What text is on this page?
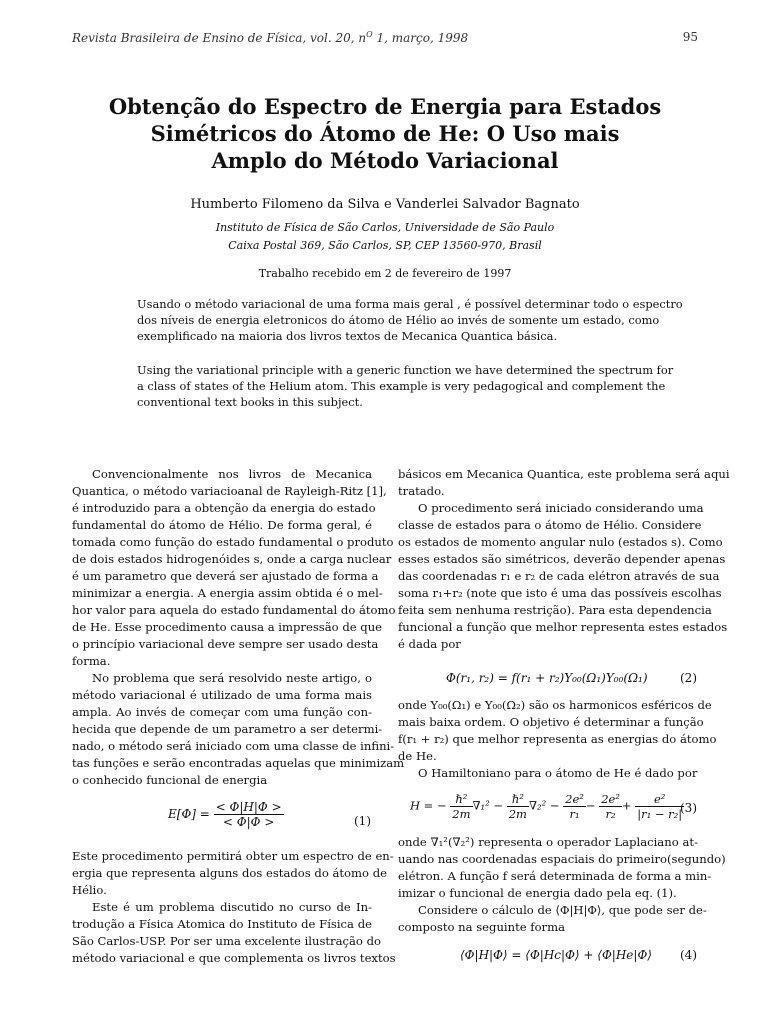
Revista Brasileira de Ensino de Física, vol. 20, $n^O$ 1, março, 1998	95
Obtenção do Espectro de Energia para Estados
Simétricos do Átomo de He: O Uso mais
Amplo do Método Variacional
Humberto Filomeno da Silva e Vanderlei Salvador Bagnato
Instituto de Física de São Carlos, Universidade de São Paulo
Caixa Postal 369, São Carlos, SP, CEP 13560-970, Brasil
Trabalho recebido em 2 de fevereiro de 1997
Usando o método variacional de uma forma mais geral , é possível determinar todo o espectro
dos níveis de energia eletronicos do átomo de Hélio ao invés de somente um estado, como
exemplificado na maioria dos livros textos de Mecanica Quantica básica.
Using the variational principle with a generic function we have determined the spectrum for
a class of states of the Helium atom. This example is very pedagogical and complement the
conventional text books in this subject.
Convencionalmente nos livros de Mecanica
Quantica, o método variacioanal de Rayleigh-Ritz [1],
é introduzido para a obtenção da energia do estado
fundamental do átomo de Hélio. De forma geral, é
tomada como função do estado fundamental o produto
de dois estados hidrogenóides s, onde a carga nuclear
é um parametro que deverá ser ajustado de forma a
minimizar a energia. A energia assim obtida é o mel-
hor valor para aquela do estado fundamental do átomo
de He. Esse procedimento causa a impressão de que
o princípio variacional deve sempre ser usado desta
forma.
No problema que será resolvido neste artigo, o
método variacional é utilizado de uma forma mais
ampla. Ao invés de começar com uma função con-
hecida que depende de um parametro a ser determi-
nado, o método será iniciado com uma classe de infini-
tas funções e serão encontradas aquelas que minimizam
o conhecido funcional de energia
$E[\Phi] = \frac{< \Phi|H|\Phi >}{< \Phi|\Phi >}$	(1)
Este procedimento permitirá obter um espectro de en-
ergia que representa alguns dos estados do átomo de
Hélio.
Este é um problema discutido no curso de In-
trodução a Física Atomica do Instituto de Física de
São Carlos-USP. Por ser uma excelente ilustração do
método variacional e que complementa os livros textos
básicos em Mecanica Quantica, este problema será aqui
tratado.
O procedimento será iniciado considerando uma
classe de estados para o átomo de Hélio. Considere
os estados de momento angular nulo (estados s). Como
esses estados são simétricos, deverão depender apenas
das coordenadas r₁ e r₂ de cada elétron através de sua
soma r₁+r₂ (note que isto é uma das possíveis escolhas
feita sem nenhuma restrição). Para esta dependencia
funcional a função que melhor representa estes estados
é dada por
Φ(r₁, r₂) = f(r₁ + r₂)Y₀₀(Ω₁)Y₀₀(Ω₁)	(2)
onde Y₀₀(Ω₁) e Y₀₀(Ω₂) são os harmonicos esféricos de
mais baixa ordem. O objetivo é determinar a função
f(r₁ + r₂) que melhor representa as energias do átomo
de He.
O Hamiltoniano para o átomo de He é dado por
H = − $\frac{\text{ℏ²}}{2m} \nabla_1^2 - \frac{\text{ℏ²}}{2m} \nabla_2^2 - \frac{\text{2e²}}{\text{r₁}} - \frac{\text{2e²}}{\text{r₂}} + \frac{\text{e²}}{\text{|r₁ − r₂|}}$
(3)
onde ∇₁²(∇₂²) representa o operador Laplaciano at-
uando nas coordenadas espaciais do primeiro(segundo)
elétron. A função f será determinada de forma a min-
imizar o funcional de energia dado pela eq. (1).
Considere o cálculo de ⟨Φ|H|Φ⟩, que pode ser de-
composto na seguinte forma
⟨Φ|H|Φ⟩ = ⟨Φ|Hc|Φ⟩ + ⟨Φ|He|Φ⟩ (4)
